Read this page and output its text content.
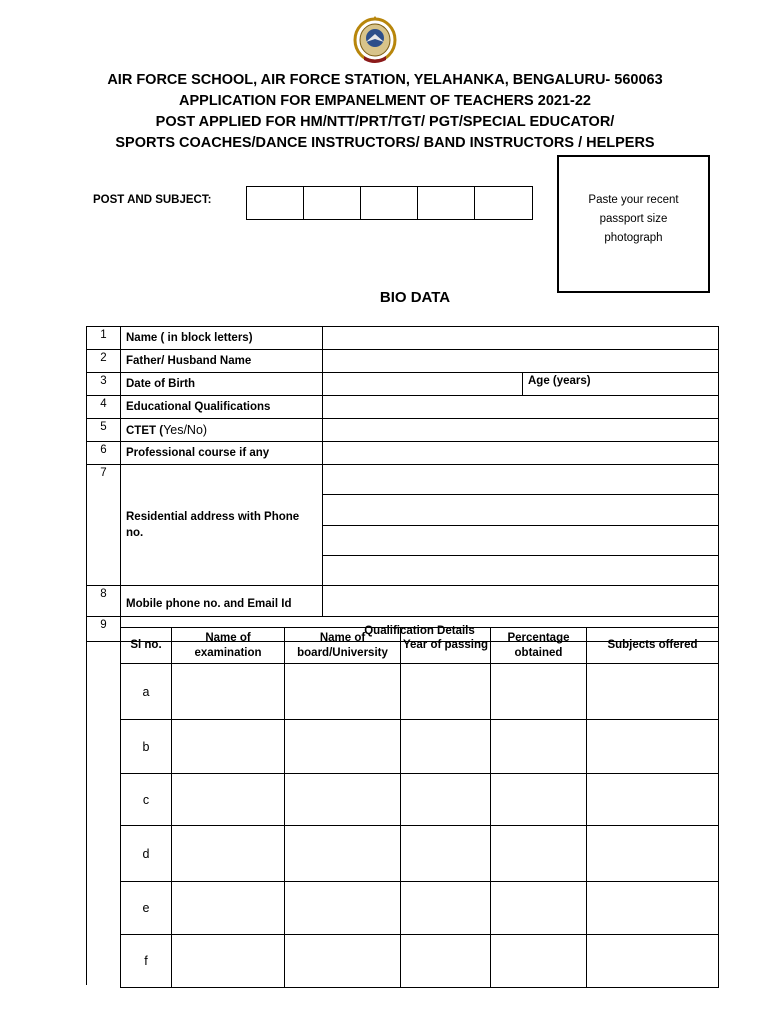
AIR FORCE SCHOOL, AIR FORCE STATION, YELAHANKA, BENGALURU- 560063
APPLICATION FOR EMPANELMENT OF TEACHERS 2021-22
POST APPLIED FOR HM/NTT/PRT/TGT/ PGT/SPECIAL EDUCATOR/
SPORTS COACHES/DANCE INSTRUCTORS/ BAND INSTRUCTORS / HELPERS
POST AND SUBJECT:	Paste your recent
passport size
photograph
BIO DATA
1	Name ( in block letters)		
2	Father/ Husband Name		
3	Date of Birth		Age (years)
4	Educational Qualifications		
5	CTET (Yes/No)		
6	Professional course if any		
7	Residential address with Phone no.		

8	Mobile phone no. and Email Id		
9	Qualification Details		
Sl no.	Name of examination	Name of board/University	Year of passing	Percentage obtained	Subjects offered
a					
b					
c					
d					
e					
f					
